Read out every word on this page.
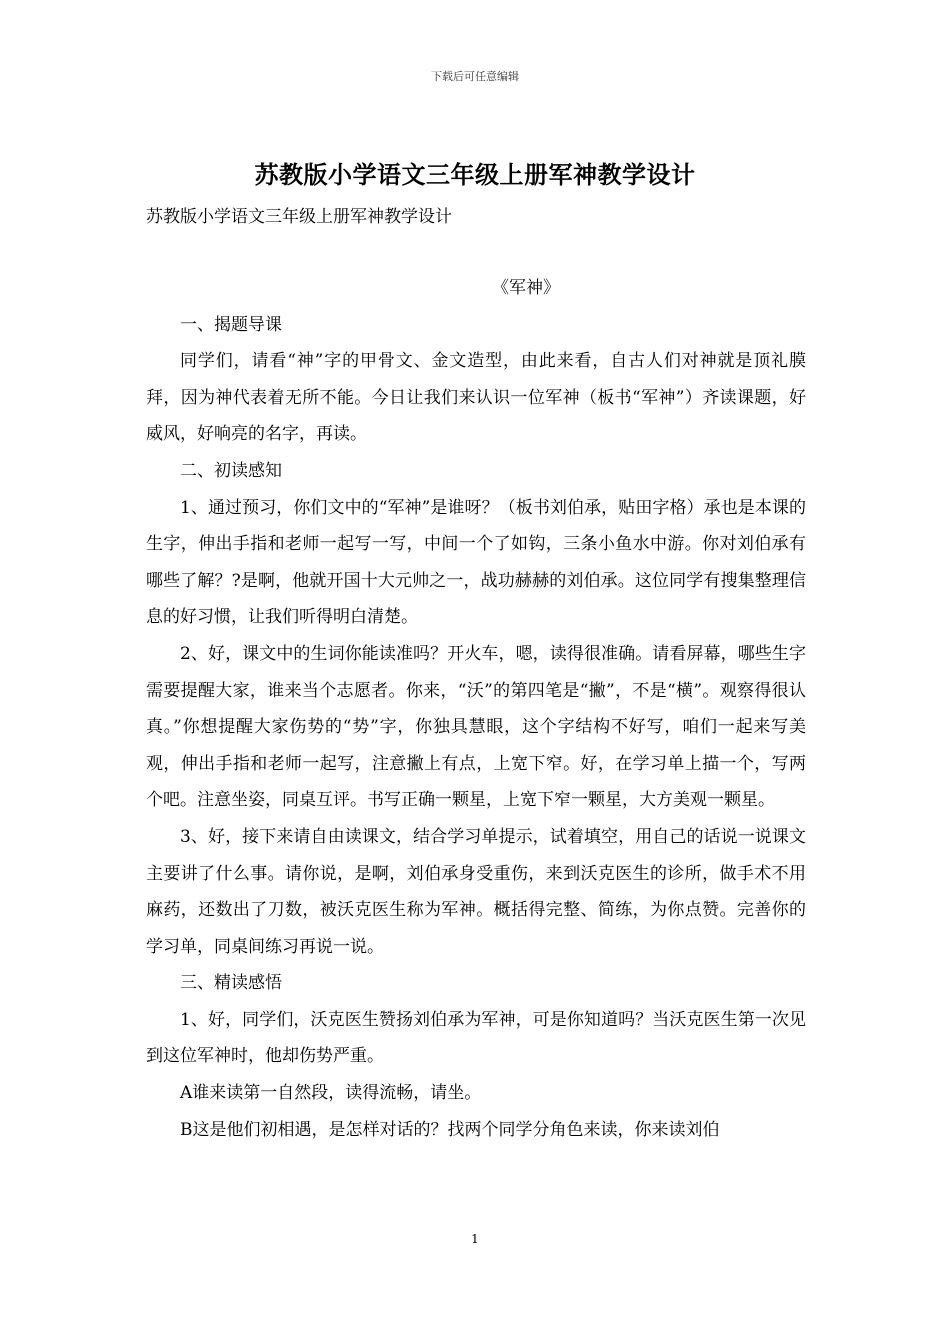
下载后可任意编辑
苏教版小学语文三年级上册军神教学设计
苏教版小学语文三年级上册军神教学设计

《军神》

一、揭题导课

同学们，请看“神”字的甲骨文、金文造型，由此来看，自古人们对神就是顶礼膜拜，因为神代表着无所不能。今日让我们来认识一位军神（板书“军神”）齐读课题，好威风，好响亮的名字，再读。

二、初读感知

1、通过预习，你们文中的“军神”是谁呀？（板书刘伯承，贴田字格）承也是本课的生字，伸出手指和老师一起写一写，中间一个了如钩，三条小鱼水中游。你对刘伯承有哪些了解？?是啊，他就开国十大元帅之一，战功赫赫的刘伯承。这位同学有搜集整理信息的好习惯，让我们听得明白清楚。

2、好，课文中的生词你能读准吗？开火车，嗯，读得很准确。请看屏幕，哪些生字需要提醒大家，谁来当个志愿者。你来，“沃”的第四笔是“撇”，不是“横”。观察得很认真。”你想提醒大家伤势的“势”字，你独具慧眼，这个字结构不好写，咱们一起来写美观，伸出手指和老师一起写，注意撇上有点，上宽下窄。好，在学习单上描一个，写两个吧。注意坐姿，同桌互评。书写正确一颗星，上宽下窄一颗星，大方美观一颗星。

3、好，接下来请自由读课文，结合学习单提示，试着填空，用自己的话说一说课文主要讲了什么事。请你说，是啊，刘伯承身受重伤，来到沃克医生的诊所，做手术不用麻药，还数出了刀数，被沃克医生称为军神。概括得完整、简练，为你点赞。完善你的学习单，同桌间练习再说一说。

三、精读感悟

1、好，同学们，沃克医生赞扬刘伯承为军神，可是你知道吗？当沃克医生第一次见到这位军神时，他却伤势严重。

A谁来读第一自然段，读得流畅，请坐。

B这是他们初相遇，是怎样对话的？找两个同学分角色来读，你来读刘伯

1
